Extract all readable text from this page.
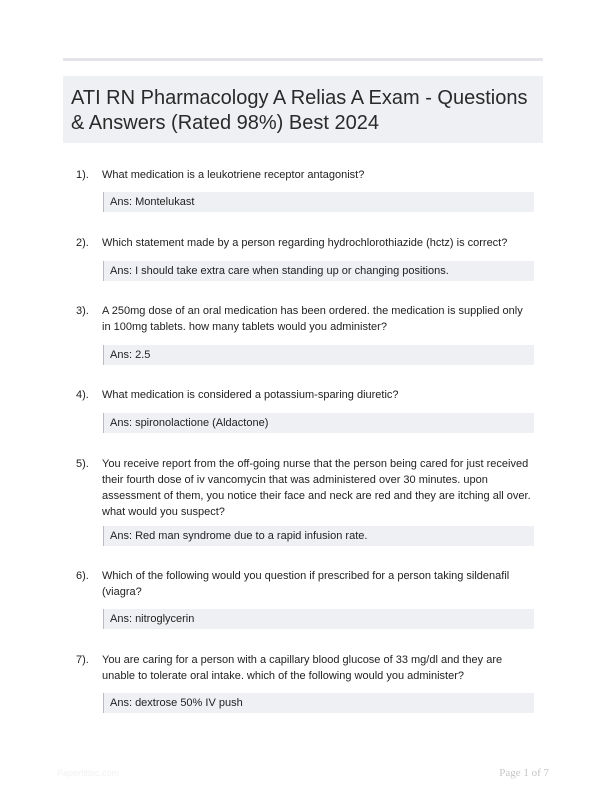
ATI RN Pharmacology A Relias A Exam - Questions & Answers (Rated 98%) Best 2024
1). What medication is a leukotriene receptor antagonist?
Ans: Montelukast
2). Which statement made by a person regarding hydrochlorothiazide (hctz) is correct?
Ans: I should take extra care when standing up or changing positions.
3). A 250mg dose of an oral medication has been ordered. the medication is supplied only in 100mg tablets. how many tablets would you administer?
Ans: 2.5
4). What medication is considered a potassium-sparing diuretic?
Ans: spironolactione (Aldactone)
5). You receive report from the off-going nurse that the person being cared for just received their fourth dose of iv vancomycin that was administered over 30 minutes. upon assessment of them, you notice their face and neck are red and they are itching all over. what would you suspect?
Ans: Red man syndrome due to a rapid infusion rate.
6). Which of the following would you question if prescribed for a person taking sildenafil (viagra?
Ans: nitroglycerin
7). You are caring for a person with a capillary blood glucose of 33 mg/dl and they are unable to tolerate oral intake. which of the following would you administer?
Ans: dextrose 50% IV push
Papertitbic.com	Page 1 of 7
